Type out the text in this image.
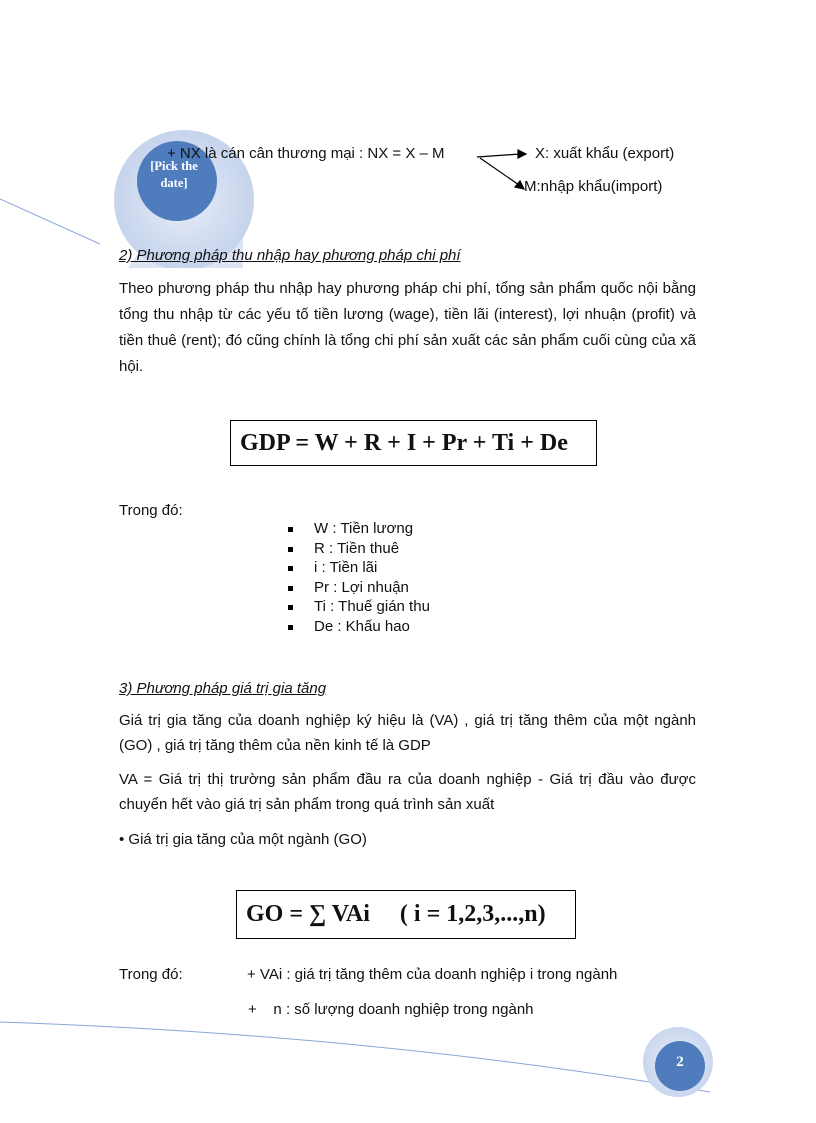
[Pick the date]
+ NX là cán cân thương mại : NX = X – M	X: xuất khẩu (export)
M:nhập khẩu(import)
2) Phương pháp thu nhập hay phương pháp chi phí
Theo phương pháp thu nhập hay phương pháp chi phí, tổng sản phẩm quốc nội bằng tổng thu nhập từ các yếu tố tiền lương (wage), tiền lãi (interest), lợi nhuận (profit) và tiền thuê (rent); đó cũng chính là tổng chi phí sản xuất các sản phẩm cuối cùng của xã hội.
GDP = W + R + I + Pr + Ti + De
Trong đó:
W : Tiền lương
R : Tiền thuê
i : Tiền lãi
Pr : Lợi nhuận
Ti : Thuế gián thu
De : Khấu hao
3) Phương pháp giá trị gia tăng
Giá trị gia tăng của doanh nghiệp ký hiệu là (VA) , giá trị tăng thêm của một ngành (GO) , giá trị tăng thêm của nền kinh tế là GDP
VA = Giá trị thị trường sản phẩm đầu ra của doanh nghiệp - Giá trị đầu vào được chuyển hết vào giá trị sản phẩm trong quá trình sản xuất
• Giá trị gia tăng của một ngành (GO)
GO = ∑ VAi     ( i = 1,2,3,...,n)
Trong đó:	+ VAi : giá trị tăng thêm của doanh nghiệp i trong ngành
+    n : số lượng doanh nghiệp trong ngành
2
